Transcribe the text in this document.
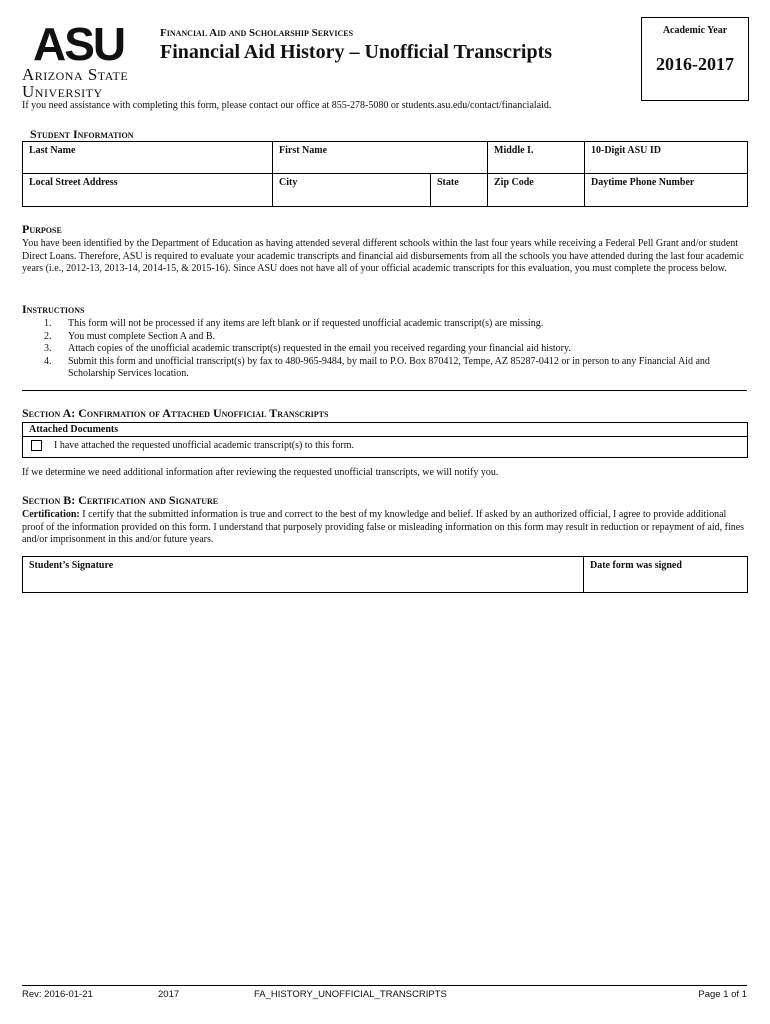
ASU
Arizona State
University
Financial Aid and Scholarship Services
Financial Aid History – Unofficial Transcripts
Academic Year
2016-2017
If you need assistance with completing this form, please contact our office at 855-278-5080 or students.asu.edu/contact/financialaid.
Student Information
Last Name	First Name		Middle I.	10-Digit ASU ID
Local Street Address	City	State	Zip Code	Daytime Phone Number
Purpose
You have been identified by the Department of Education as having attended several different schools within the last four years while receiving a Federal Pell Grant and/or student Direct Loans. Therefore, ASU is required to evaluate your academic transcripts and financial aid disbursements from all the schools you have attended during the last four academic years (i.e., 2012-13, 2013-14, 2014-15, & 2015-16). Since ASU does not have all of your official academic transcripts for this evaluation, you must complete the process below.
Instructions
1.	This form will not be processed if any items are left blank or if requested unofficial academic transcript(s) are missing.
2.	You must complete Section A and B.
3.	Attach copies of the unofficial academic transcript(s) requested in the email you received regarding your financial aid history.
4.	Submit this form and unofficial transcript(s) by fax to 480-965-9484, by mail to P.O. Box 870412, Tempe, AZ 85287-0412 or in person to any Financial Aid and Scholarship Services location.
Section A: Confirmation of Attached Unofficial Transcripts
Attached Documents
I have attached the requested unofficial academic transcript(s) to this form.
If we determine we need additional information after reviewing the requested unofficial transcripts, we will notify you.
Section B: Certification and Signature
Certification: I certify that the submitted information is true and correct to the best of my knowledge and belief. If asked by an authorized official, I agree to provide additional proof of the information provided on this form. I understand that purposely providing false or misleading information on this form may result in reduction or repayment of aid, fines and/or imprisonment in this and/or future years.
Student’s Signature	Date form was signed
Rev: 2016-01-21	2017	FA_HISTORY_UNOFFICIAL_TRANSCRIPTS	Page 1 of 1
